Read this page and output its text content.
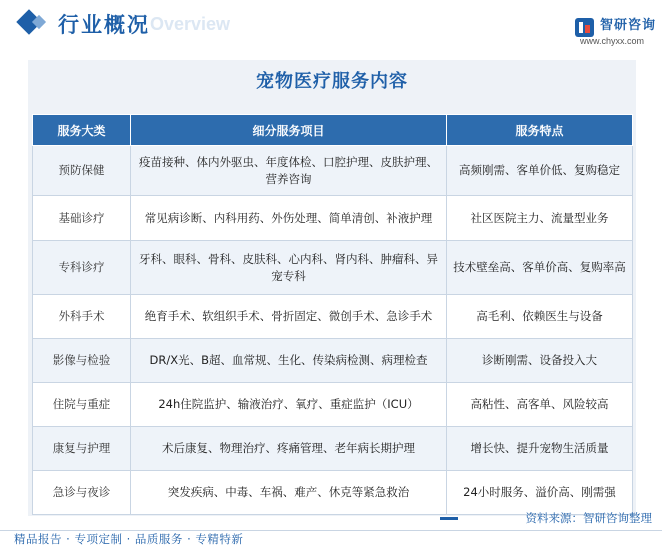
行业概况 Overview	智研咨询
www.chyxx.com
宠物医疗服务内容
服务大类	细分服务项目	服务特点
预防保健	疫苗接种、体内外驱虫、年度体检、口腔护理、皮肤护理、营养咨询	高频刚需、客单价低、复购稳定
基础诊疗	常见病诊断、内科用药、外伤处理、简单清创、补液护理	社区医院主力、流量型业务
专科诊疗	牙科、眼科、骨科、皮肤科、心内科、肾内科、肿瘤科、异宠专科	技术壁垒高、客单价高、复购率高
外科手术	绝育手术、软组织手术、骨折固定、微创手术、急诊手术	高毛利、依赖医生与设备
影像与检验	DR/X光、B超、血常规、生化、传染病检测、病理检查	诊断刚需、设备投入大
住院与重症	24h住院监护、输液治疗、氧疗、重症监护（ICU）	高粘性、高客单、风险较高
康复与护理	术后康复、物理治疗、疼痛管理、老年病长期护理	增长快、提升宠物生活质量
急诊与夜诊	突发疾病、中毒、车祸、难产、休克等紧急救治	24小时服务、溢价高、刚需强
资料来源：智研咨询整理
精品报告 · 专项定制 · 品质服务 · 专精特新
